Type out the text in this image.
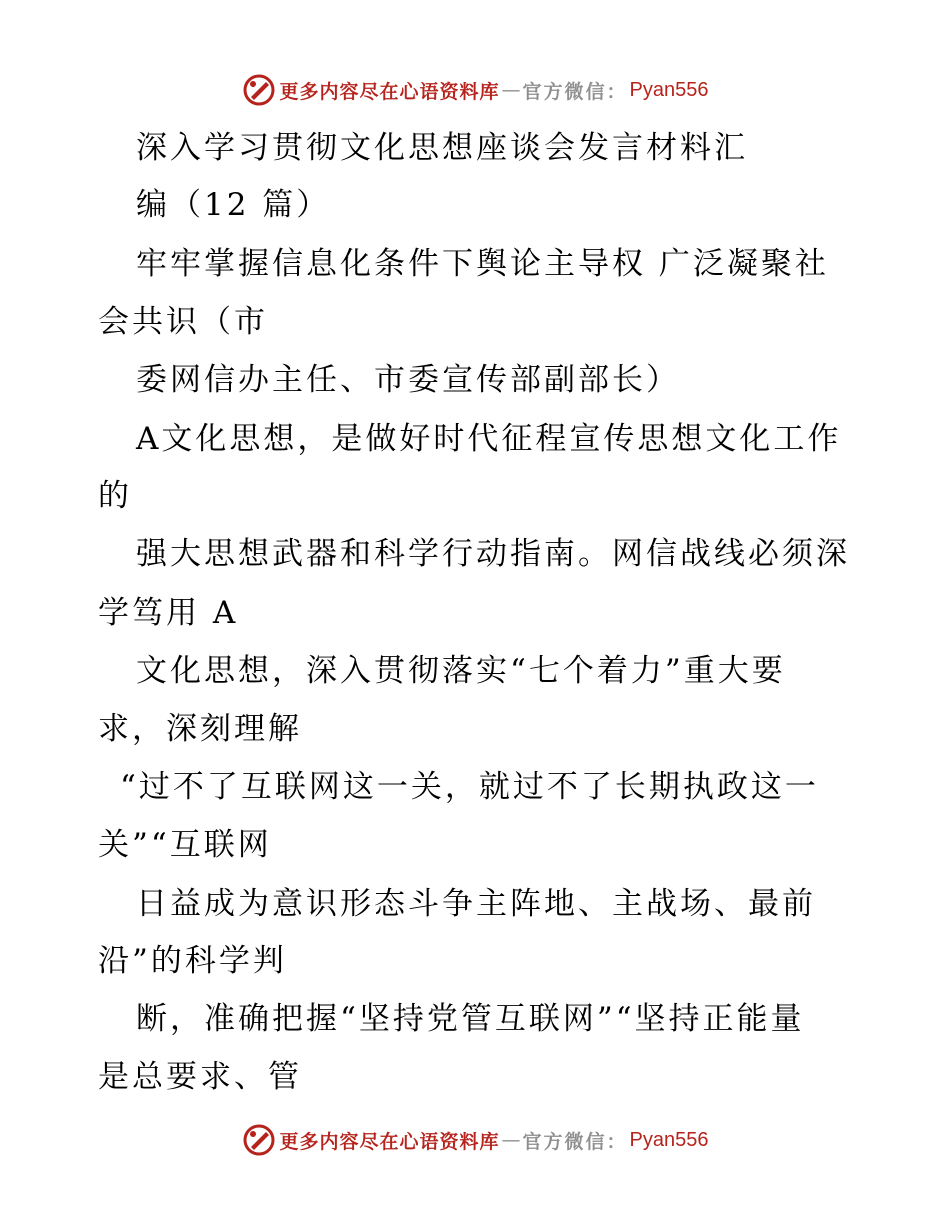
更多内容尽在心语资料库 — 官方微信： Pyan556
深入学习贯彻文化思想座谈会发言材料汇
编（12 篇）
牢牢掌握信息化条件下舆论主导权 广泛凝聚社
会共识（市
委网信办主任、市委宣传部副部长）
A文化思想，是做好时代征程宣传思想文化工作
的
强大思想武器和科学行动指南。网信战线必须深
学笃用 A
文化思想，深入贯彻落实“七个着力”重大要
求，深刻理解
“过不了互联网这一关，就过不了长期执政这一
关”“互联网
日益成为意识形态斗争主阵地、主战场、最前
沿”的科学判
断，准确把握“坚持党管互联网”“坚持正能量
是总要求、管
更多内容尽在心语资料库 — 官方微信： Pyan556
